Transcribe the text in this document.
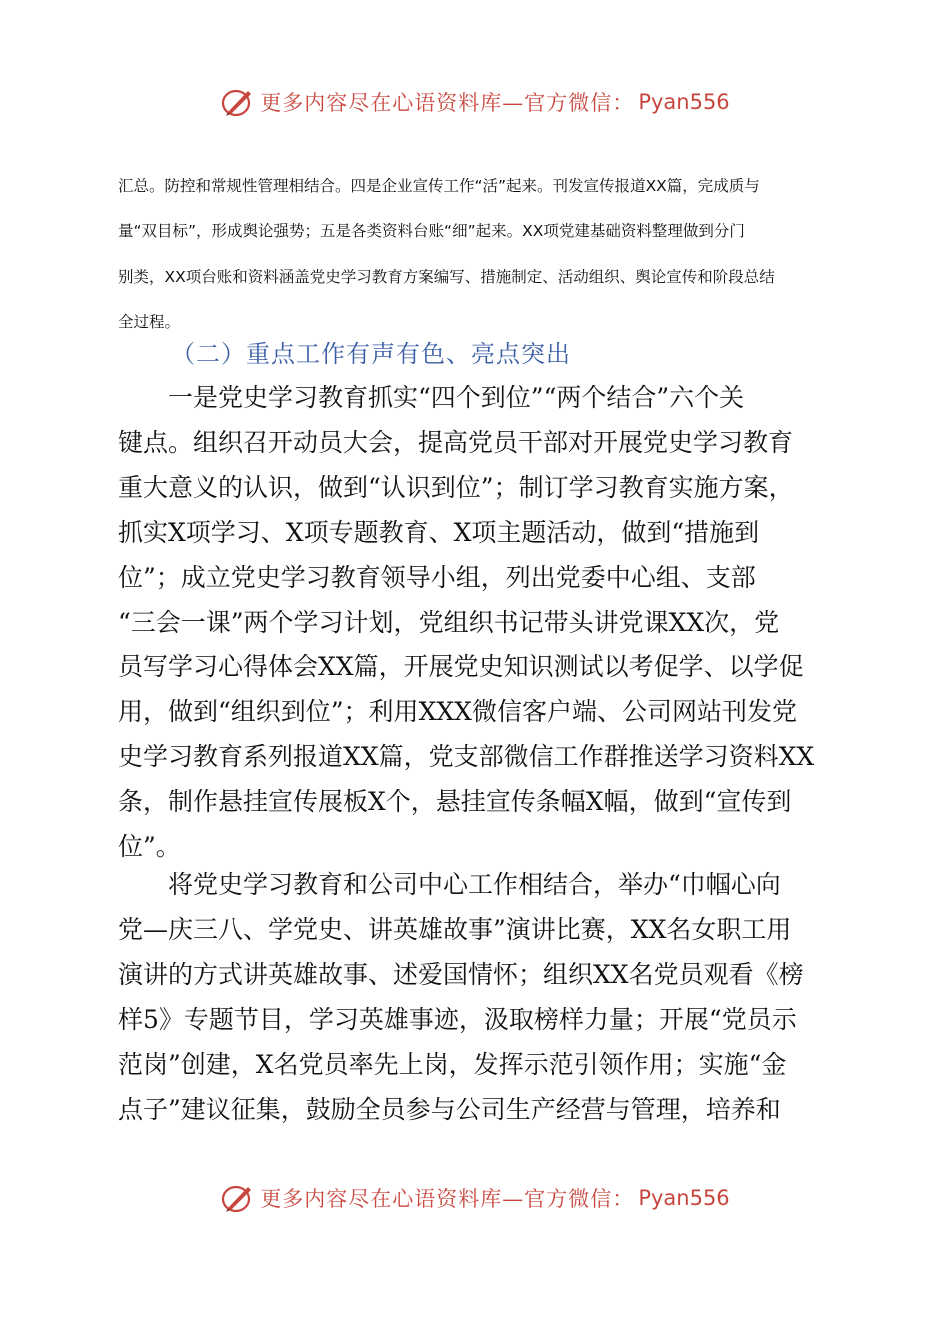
更多内容尽在心语资料库—官方微信： Pyan556
汇总。防控和常规性管理相结合。四是企业宣传工作“活”起来。刊发宣传报道XX篇，完成质与
量“双目标”，形成舆论强势；五是各类资料台账“细”起来。XX项党建基础资料整理做到分门
别类，XX项台账和资料涵盖党史学习教育方案编写、措施制定、活动组织、舆论宣传和阶段总结
全过程。
（二）重点工作有声有色、亮点突出
　　一是党史学习教育抓实“四个到位”“两个结合”六个关
键点。组织召开动员大会，提高党员干部对开展党史学习教育
重大意义的认识，做到“认识到位”；制订学习教育实施方案，
抓实X项学习、X项专题教育、X项主题活动，做到“措施到
位”；成立党史学习教育领导小组，列出党委中心组、支部
“三会一课”两个学习计划，党组织书记带头讲党课XX次，党
员写学习心得体会XX篇，开展党史知识测试以考促学、以学促
用，做到“组织到位”；利用XXX微信客户端、公司网站刊发党
史学习教育系列报道XX篇，党支部微信工作群推送学习资料XX
条，制作悬挂宣传展板X个，悬挂宣传条幅X幅，做到“宣传到
位”。
　　将党史学习教育和公司中心工作相结合，举办“巾帼心向
党—庆三八、学党史、讲英雄故事”演讲比赛，XX名女职工用
演讲的方式讲英雄故事、述爱国情怀；组织XX名党员观看《榜
样5》专题节目，学习英雄事迹，汲取榜样力量；开展“党员示
范岗”创建，X名党员率先上岗，发挥示范引领作用；实施“金
点子”建议征集，鼓励全员参与公司生产经营与管理，培养和
更多内容尽在心语资料库—官方微信： Pyan556
